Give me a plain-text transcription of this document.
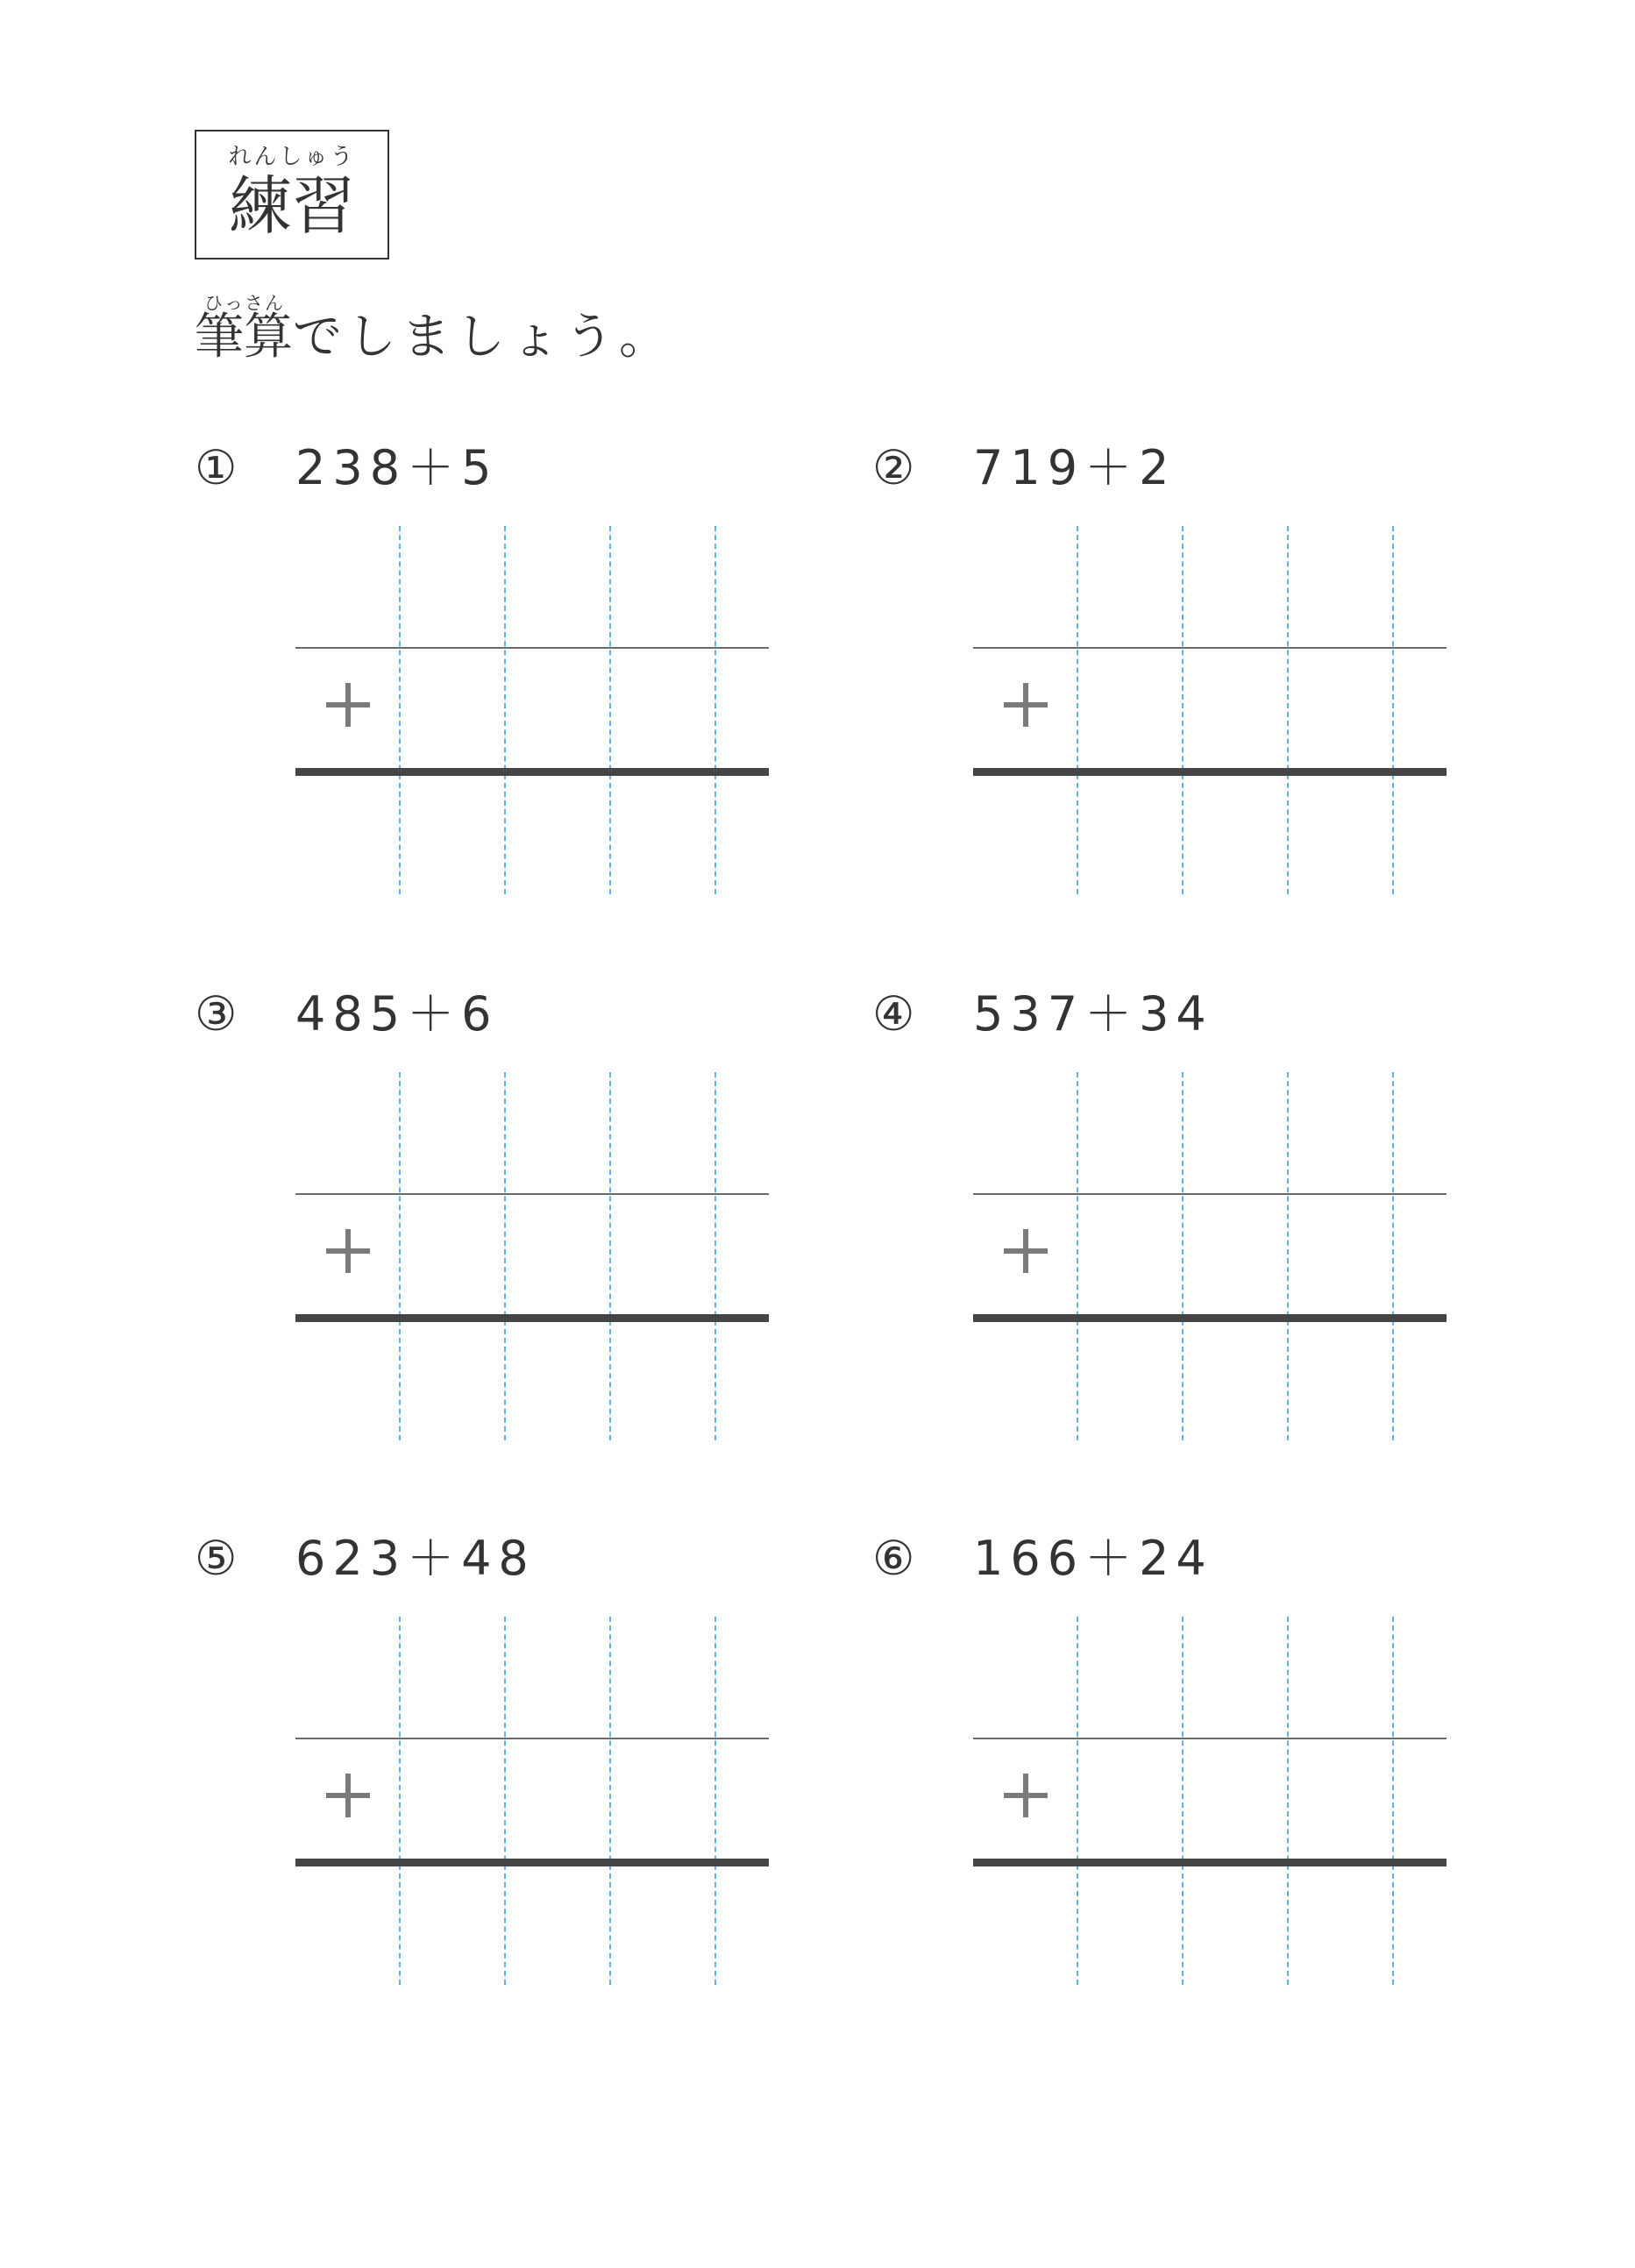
れんしゅう
練習
ひっさん
筆算 でしましょう。
① 238＋5	② 719＋2
③ 485＋6	④ 537＋34
⑤ 623＋48	⑥ 166＋24
